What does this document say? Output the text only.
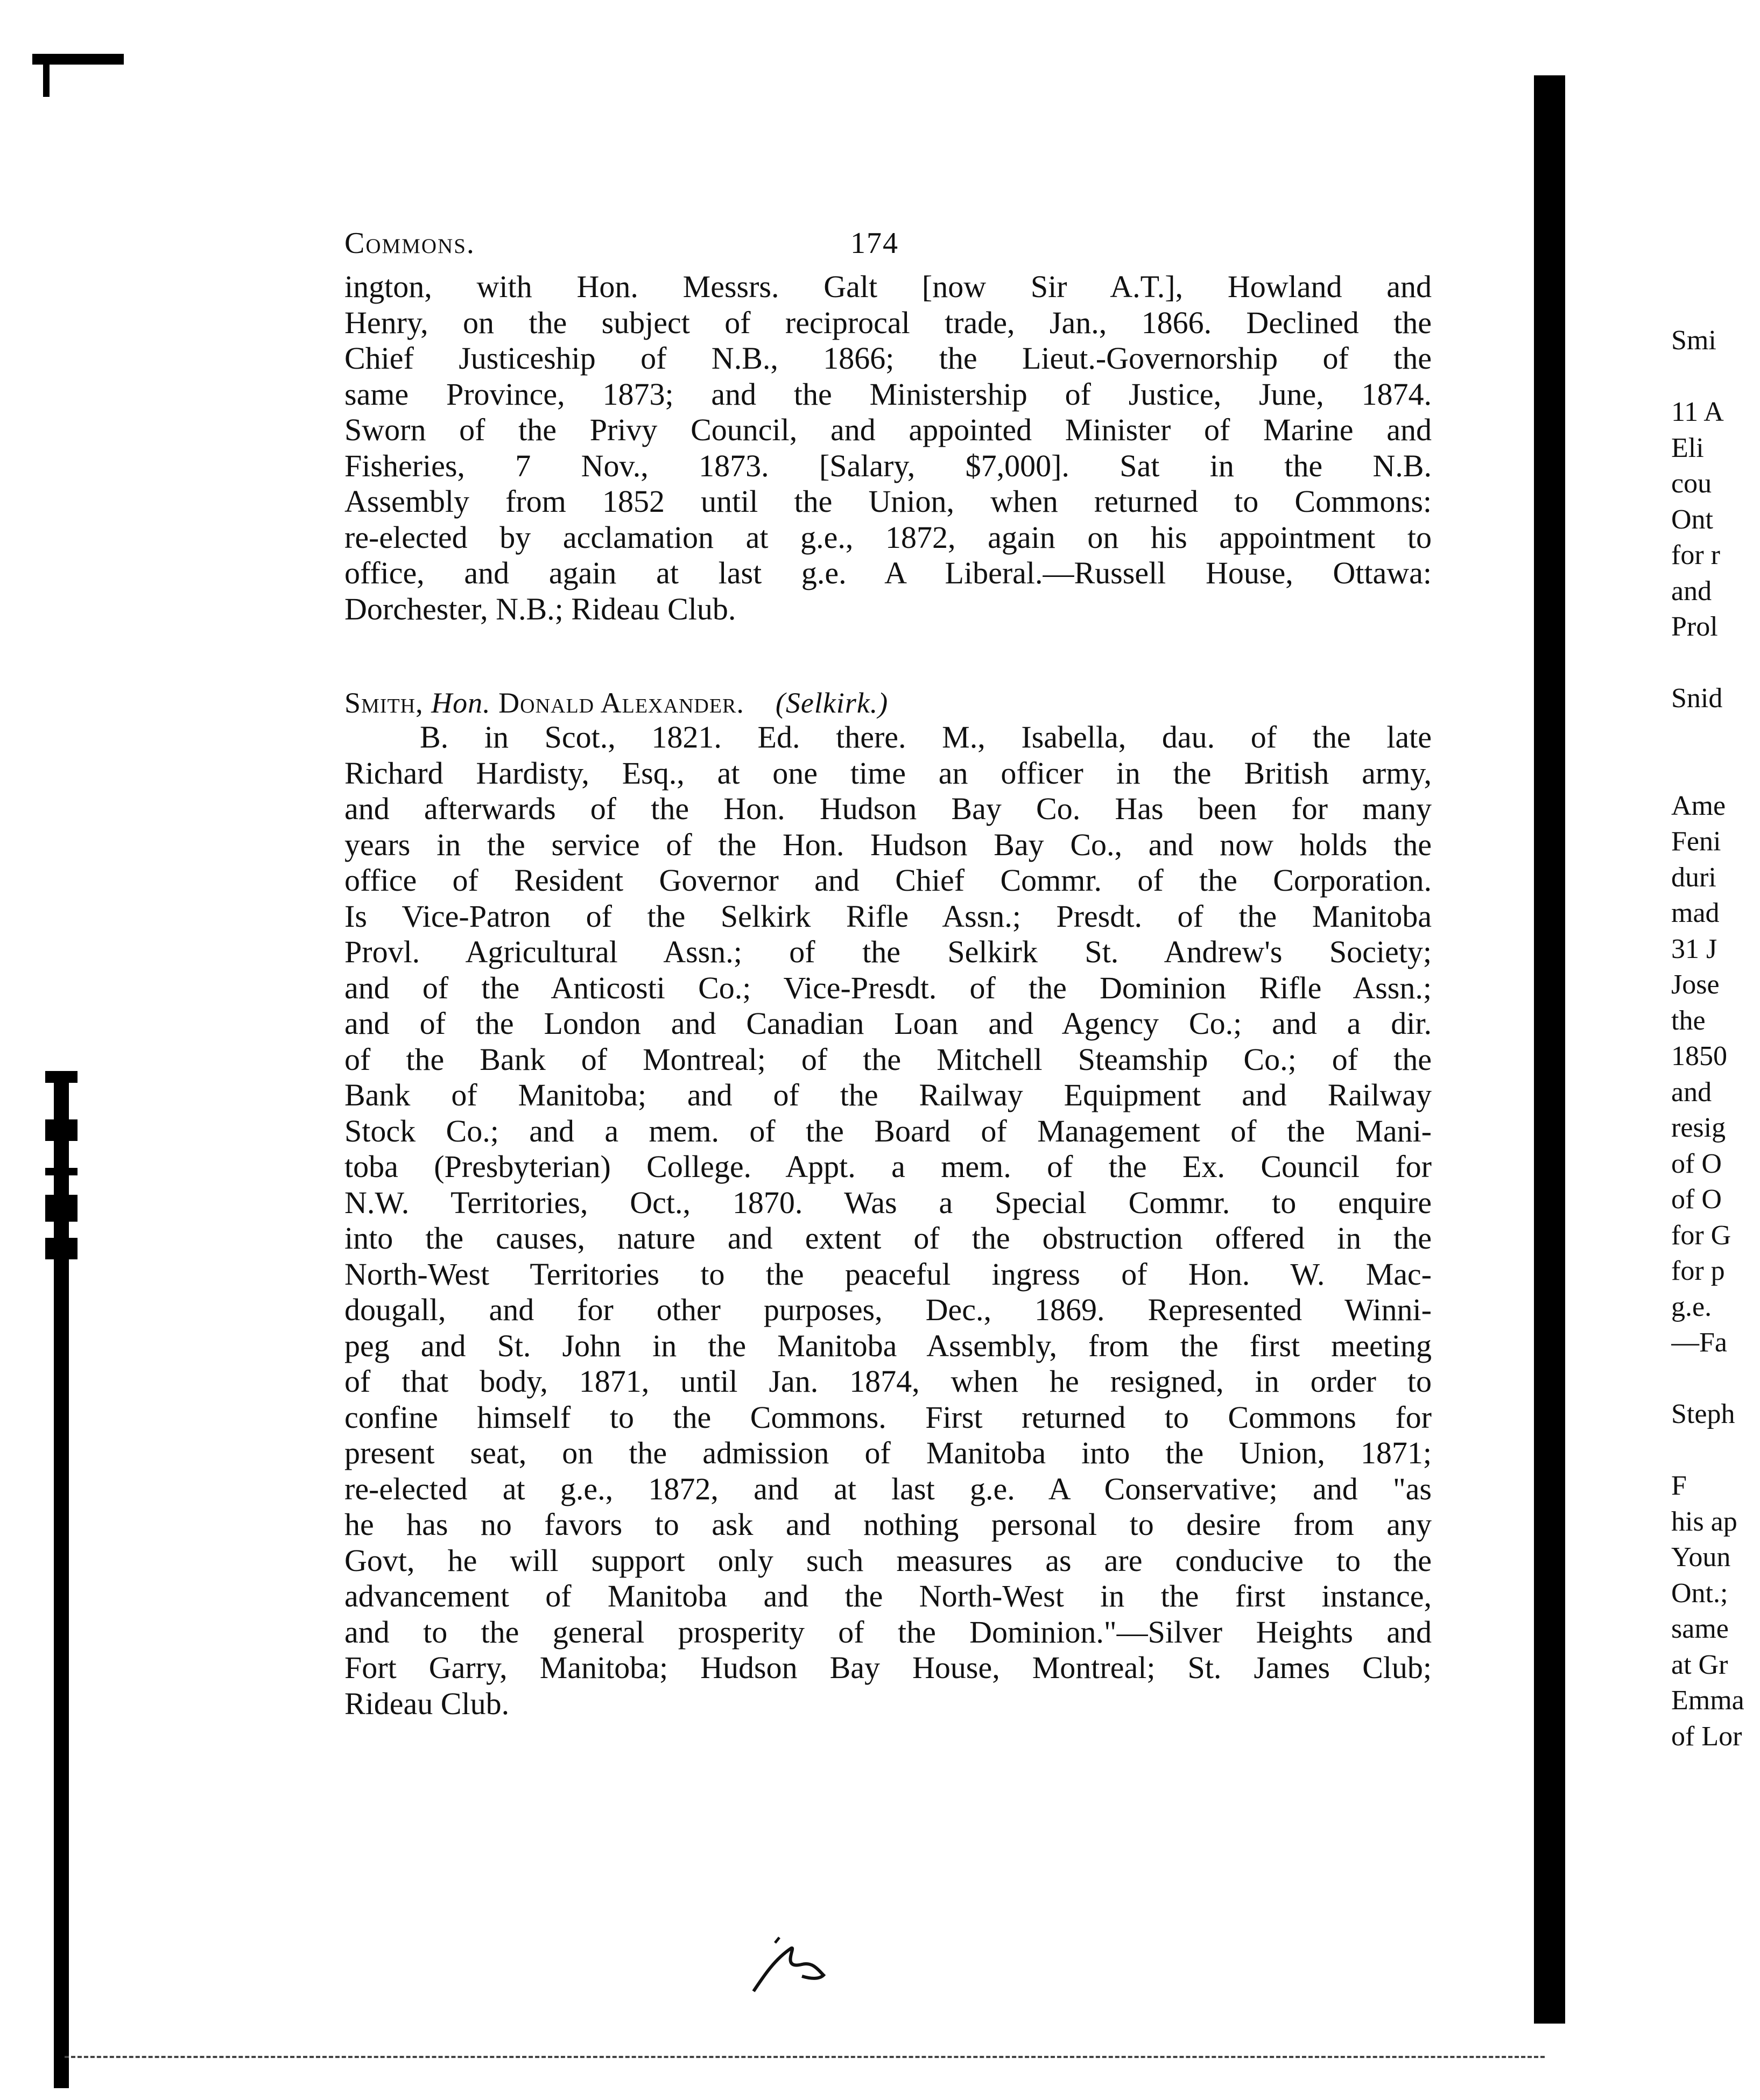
Commons.	174

ington, with Hon. Messrs. Galt [now Sir A.T.], Howland and
Henry, on the subject of reciprocal trade, Jan., 1866. Declined the
Chief Justiceship of N.B., 1866; the Lieut.-Governorship of the
same Province, 1873; and the Ministership of Justice, June, 1874.
Sworn of the Privy Council, and appointed Minister of Marine and
Fisheries, 7 Nov., 1873. [Salary, $7,000]. Sat in the N.B.
Assembly from 1852 until the Union, when returned to Commons:
re-elected by acclamation at g.e., 1872, again on his appointment to
office, and again at last g.e. A Liberal.—Russell House, Ottawa:
Dorchester, N.B.; Rideau Club.

Smith, Hon. Donald Alexander. (Selkirk.)

B. in Scot., 1821. Ed. there. M., Isabella, dau. of the late
Richard Hardisty, Esq., at one time an officer in the British army,
and afterwards of the Hon. Hudson Bay Co. Has been for many
years in the service of the Hon. Hudson Bay Co., and now holds the
office of Resident Governor and Chief Commr. of the Corporation.
Is Vice-Patron of the Selkirk Rifle Assn.; Presdt. of the Manitoba
Provl. Agricultural Assn.; of the Selkirk St. Andrew's Society;
and of the Anticosti Co.; Vice-Presdt. of the Dominion Rifle Assn.;
and of the London and Canadian Loan and Agency Co.; and a dir.
of the Bank of Montreal; of the Mitchell Steamship Co.; of the
Bank of Manitoba; and of the Railway Equipment and Railway
Stock Co.; and a mem. of the Board of Management of the Mani-
toba (Presbyterian) College. Appt. a mem. of the Ex. Council for
N.W. Territories, Oct., 1870. Was a Special Commr. to enquire
into the causes, nature and extent of the obstruction offered in the
North-West Territories to the peaceful ingress of Hon. W. Mac-
dougall, and for other purposes, Dec., 1869. Represented Winni-
peg and St. John in the Manitoba Assembly, from the first meeting
of that body, 1871, until Jan. 1874, when he resigned, in order to
confine himself to the Commons. First returned to Commons for
present seat, on the admission of Manitoba into the Union, 1871;
re-elected at g.e., 1872, and at last g.e. A Conservative; and "as
he has no favors to ask and nothing personal to desire from any
Govt, he will support only such measures as are conducive to the
advancement of Manitoba and the North-West in the first instance,
and to the general prosperity of the Dominion."—Silver Heights and
Fort Garry, Manitoba; Hudson Bay House, Montreal; St. James Club;
Rideau Club.

Smi
11 A
Eli
cou
Ont
for r
and
Prol
Snid
Ame
Feni
duri
mad
31 J
Jose
the
1850
and
resig
of O
of O
for G
for p
g.e.
—Fa
Steph
F
his ap
Youn
Ont.;
same
at Gr
Emma
of Lor
